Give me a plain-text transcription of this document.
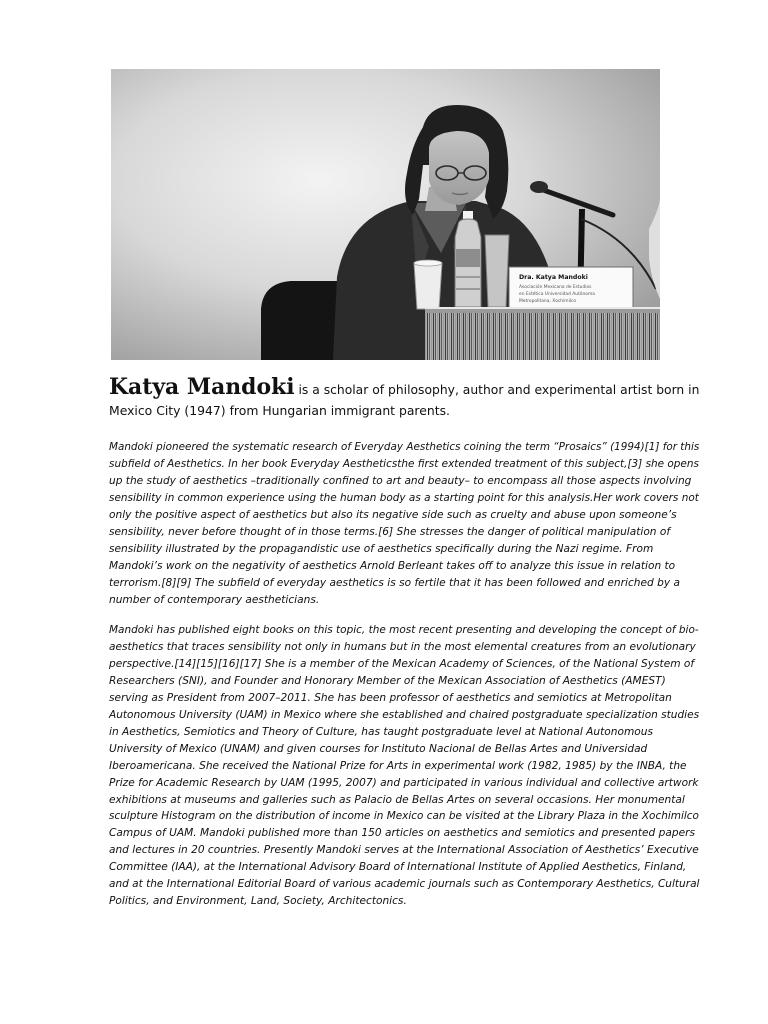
Dra. Katya Mandoki
Asociación Mexicana de Estudios
en Estética Universidad Autónoma
Metropolitana, Xochimilco
Katya Mandoki is a scholar of philosophy, author and experimental artist born in
Mexico City (1947) from Hungarian immigrant parents.

Mandoki pioneered the systematic research of Everyday Aesthetics coining the term “Prosaics” (1994)[1] for this
subfield of Aesthetics. In her book Everyday Aestheticsthe first extended treatment of this subject,[3] she opens
up the study of aesthetics –traditionally confined to art and beauty– to encompass all those aspects involving
sensibility in common experience using the human body as a starting point for this analysis.Her work covers not
only the positive aspect of aesthetics but also its negative side such as cruelty and abuse upon someone’s
sensibility, never before thought of in those terms.[6] She stresses the danger of political manipulation of
sensibility illustrated by the propagandistic use of aesthetics specifically during the Nazi regime. From
Mandoki’s work on the negativity of aesthetics Arnold Berleant takes off to analyze this issue in relation to
terrorism.[8][9] The subfield of everyday aesthetics is so fertile that it has been followed and enriched by a
number of contemporary aestheticians.

Mandoki has published eight books on this topic, the most recent presenting and developing the concept of bio-
aesthetics that traces sensibility not only in humans but in the most elemental creatures from an evolutionary
perspective.[14][15][16][17] She is a member of the Mexican Academy of Sciences, of the National System of
Researchers (SNI), and Founder and Honorary Member of the Mexican Association of Aesthetics (AMEST)
serving as President from 2007–2011. She has been professor of aesthetics and semiotics at Metropolitan
Autonomous University (UAM) in Mexico where she established and chaired postgraduate specialization studies
in Aesthetics, Semiotics and Theory of Culture, has taught postgraduate level at National Autonomous
University of Mexico (UNAM) and given courses for Instituto Nacional de Bellas Artes and Universidad
Iberoamericana. She received the National Prize for Arts in experimental work (1982, 1985) by the INBA, the
Prize for Academic Research by UAM (1995, 2007) and participated in various individual and collective artwork
exhibitions at museums and galleries such as Palacio de Bellas Artes on several occasions. Her monumental
sculpture Histogram on the distribution of income in Mexico can be visited at the Library Plaza in the Xochimilco
Campus of UAM. Mandoki published more than 150 articles on aesthetics and semiotics and presented papers
and lectures in 20 countries. Presently Mandoki serves at the International Association of Aesthetics’ Executive
Committee (IAA), at the International Advisory Board of International Institute of Applied Aesthetics, Finland,
and at the International Editorial Board of various academic journals such as Contemporary Aesthetics, Cultural
Politics, and Environment, Land, Society, Architectonics.
